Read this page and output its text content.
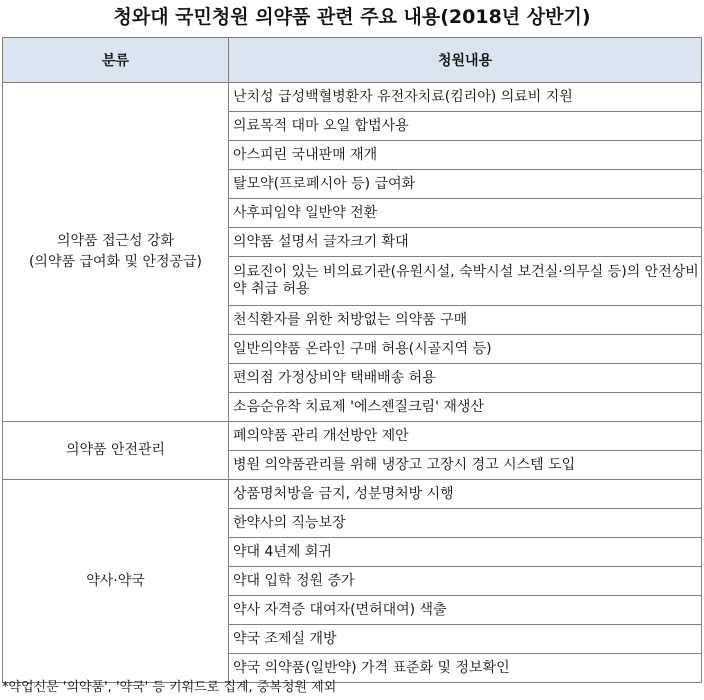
청와대 국민청원 의약품 관련 주요 내용(2018년 상반기)
분류	청원내용

의약품 접근성 강화
(의약품 급여화 및 안정공급)	난치성 급성백혈병환자 유전자치료(킴리아) 의료비 지원
	의료목적 대마 오일 합법사용
	아스피린 국내판매 재개
	탈모약(프로페시아 등) 급여화
	사후피임약 일반약 전환
	의약품 설명서 글자크기 확대
	의료진이 있는 비의료기관(유원시설, 숙박시설 보건실·의무실 등)의 안전상비약 취급 허용
	천식환자를 위한 처방없는 의약품 구매
	일반의약품 온라인 구매 허용(시골지역 등)
	편의점 가정상비약 택배배송 허용
	소음순유착 치료제 '에스젠질크림' 재생산

의약품 안전관리	폐의약품 관리 개선방안 제안
	병원 의약품관리를 위해 냉장고 고장시 경고 시스템 도입

약사·약국	상품명처방을 금지, 성분명처방 시행
	한약사의 직능보장
	약대 4년제 회귀
	약대 입학 정원 증가
	약사 자격증 대여자(면허대여) 색출
	약국 조제실 개방
	약국 의약품(일반약) 가격 표준화 및 정보확인
*약업신문 '의약품', '약국' 등 키워드로 집계, 중복청원 제외
